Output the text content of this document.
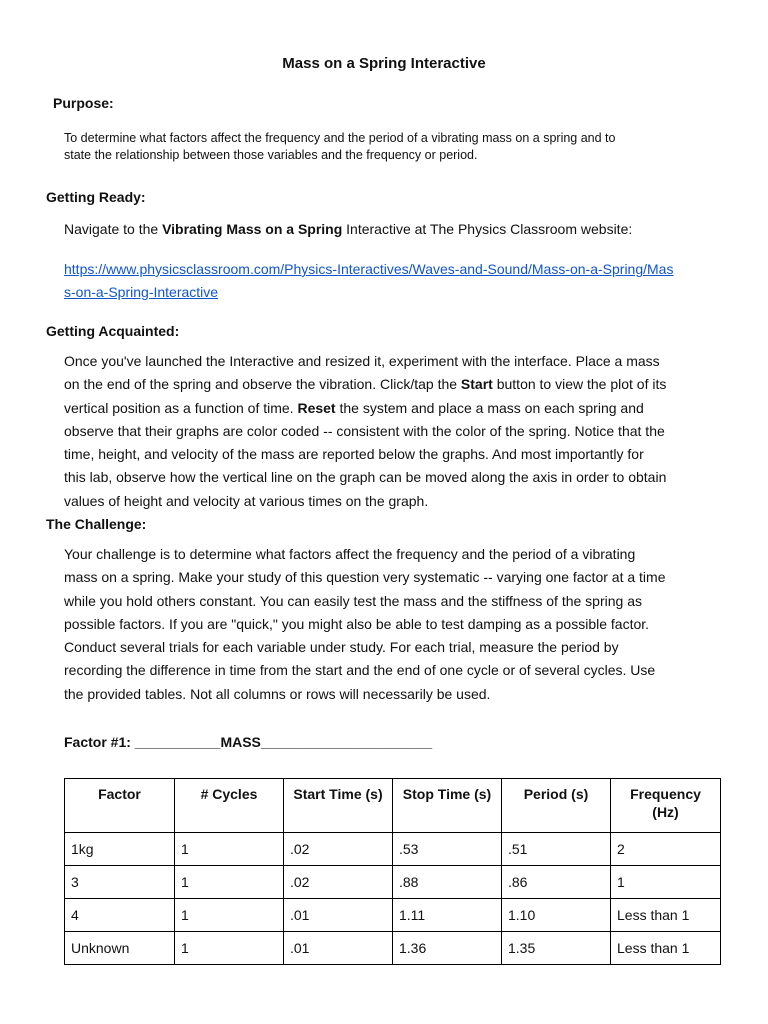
Mass on a Spring Interactive
Purpose:
To determine what factors affect the frequency and the period of a vibrating mass on a spring and to
state the relationship between those variables and the frequency or period.
Getting Ready:
Navigate to the Vibrating Mass on a Spring Interactive at The Physics Classroom website:
https://www.physicsclassroom.com/Physics-Interactives/Waves-and-Sound/Mass-on-a-Spring/Mas
s-on-a-Spring-Interactive
Getting Acquainted:
Once you've launched the Interactive and resized it, experiment with the interface. Place a mass
on the end of the spring and observe the vibration. Click/tap the Start button to view the plot of its
vertical position as a function of time. Reset the system and place a mass on each spring and
observe that their graphs are color coded -- consistent with the color of the spring. Notice that the
time, height, and velocity of the mass are reported below the graphs. And most importantly for
this lab, observe how the vertical line on the graph can be moved along the axis in order to obtain
values of height and velocity at various times on the graph.
The Challenge:
Your challenge is to determine what factors affect the frequency and the period of a vibrating
mass on a spring. Make your study of this question very systematic -- varying one factor at a time
while you hold others constant. You can easily test the mass and the stiffness of the spring as
possible factors. If you are "quick," you might also be able to test damping as a possible factor.
Conduct several trials for each variable under study. For each trial, measure the period by
recording the difference in time from the start and the end of one cycle or of several cycles. Use
the provided tables. Not all columns or rows will necessarily be used.
Factor #1: ___________MASS______________________
Factor	# Cycles	Start Time (s)	Stop Time (s)	Period (s)	Frequency (Hz)
1kg	1	.02	.53	.51	2
3	1	.02	.88	.86	1
4	1	.01	1.11	1.10	Less than 1
Unknown	1	.01	1.36	1.35	Less than 1
